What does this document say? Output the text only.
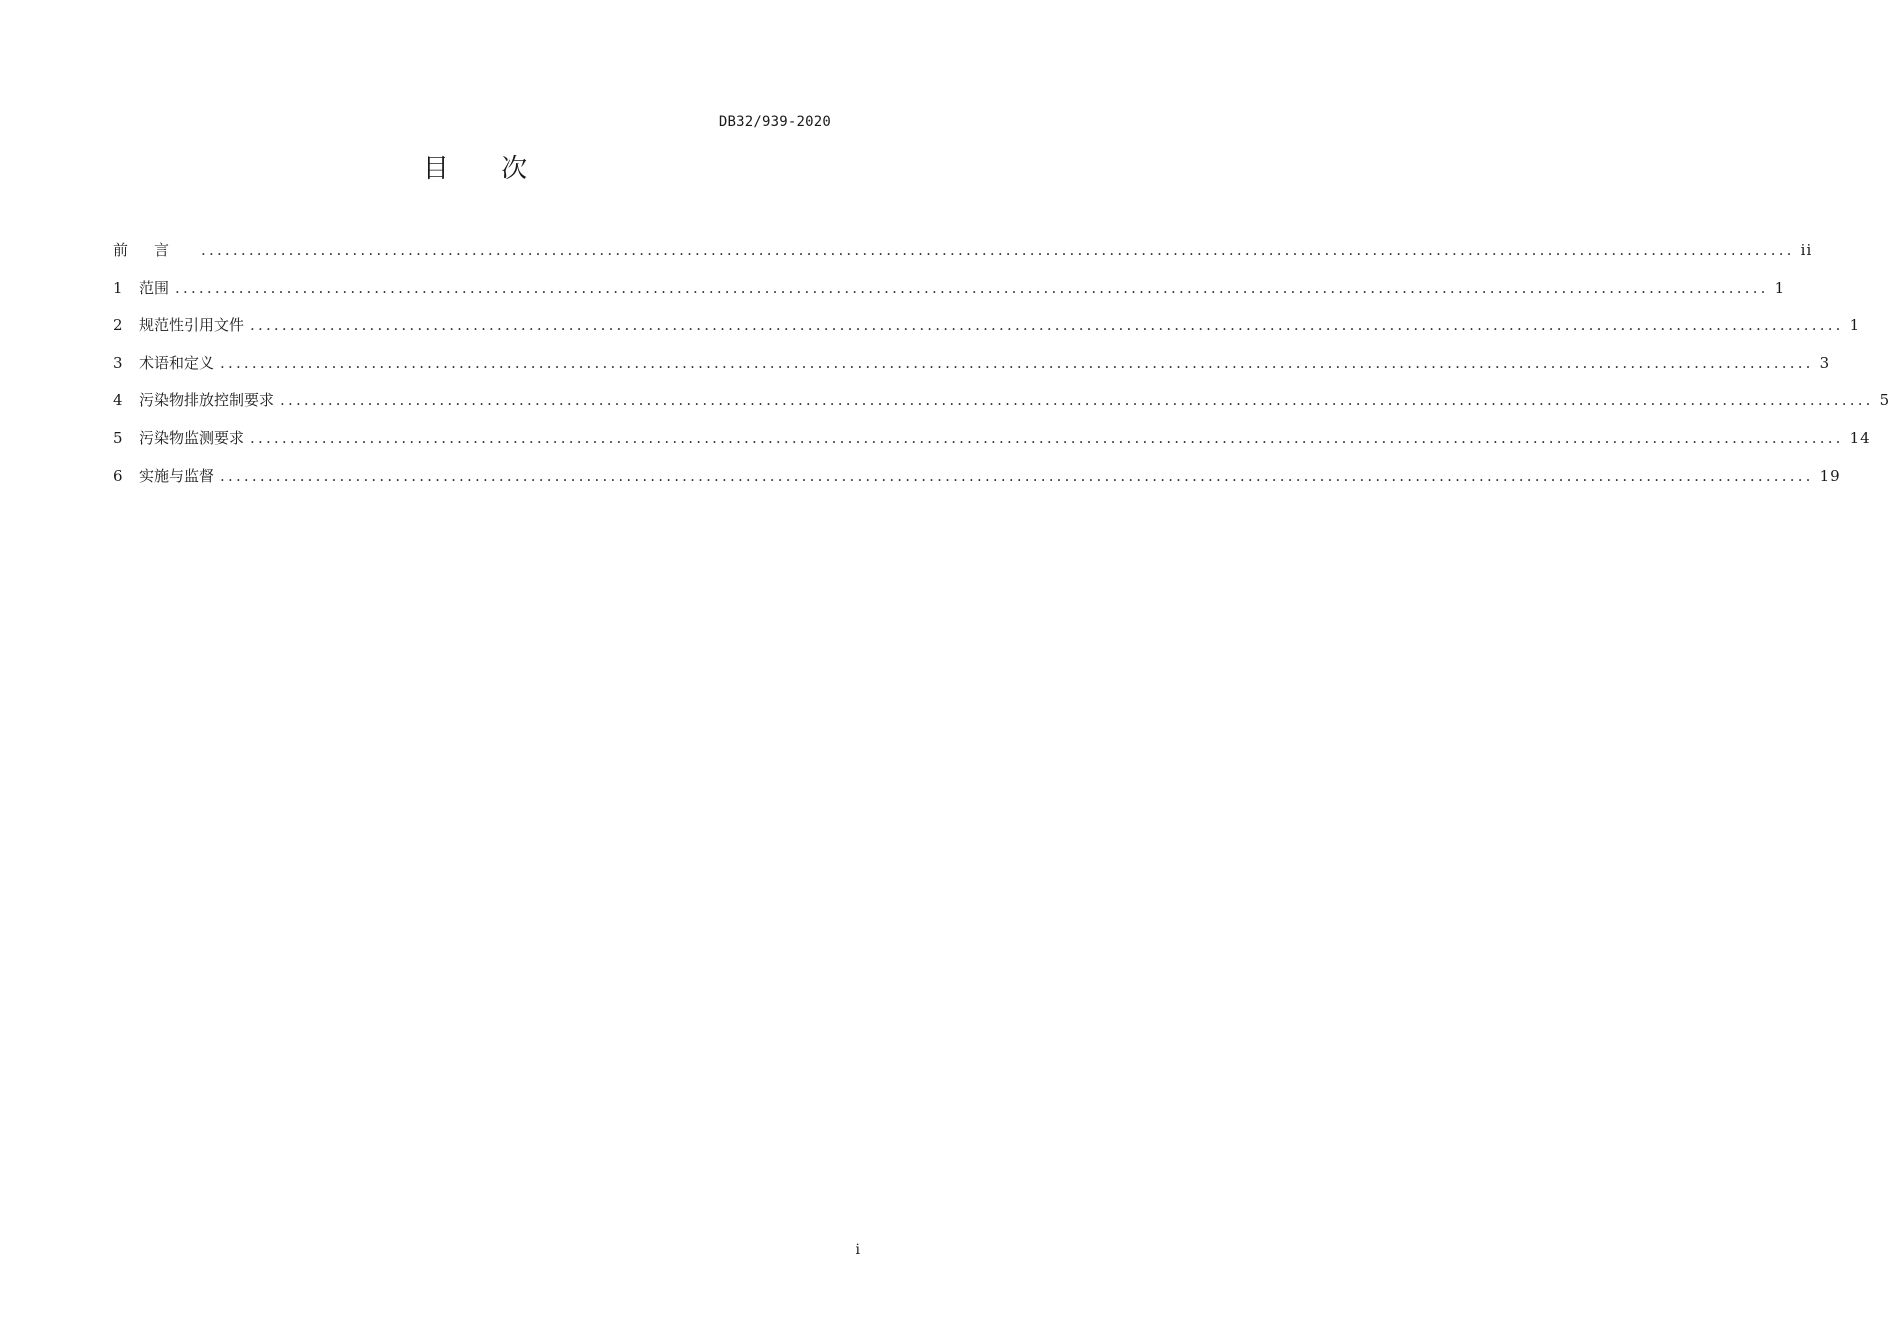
DB32/939-2020
目 次
前言 ........................................................................................................................................................................................................ ii
1	范围 ........................................................................................................................................................................................................ 1
2	规范性引用文件 ........................................................................................................................................................................................................ 1
3	术语和定义 ........................................................................................................................................................................................................ 3
4	污染物排放控制要求 ........................................................................................................................................................................................................ 5
5	污染物监测要求 ........................................................................................................................................................................................................ 14
6	实施与监督 ........................................................................................................................................................................................................ 19
i
